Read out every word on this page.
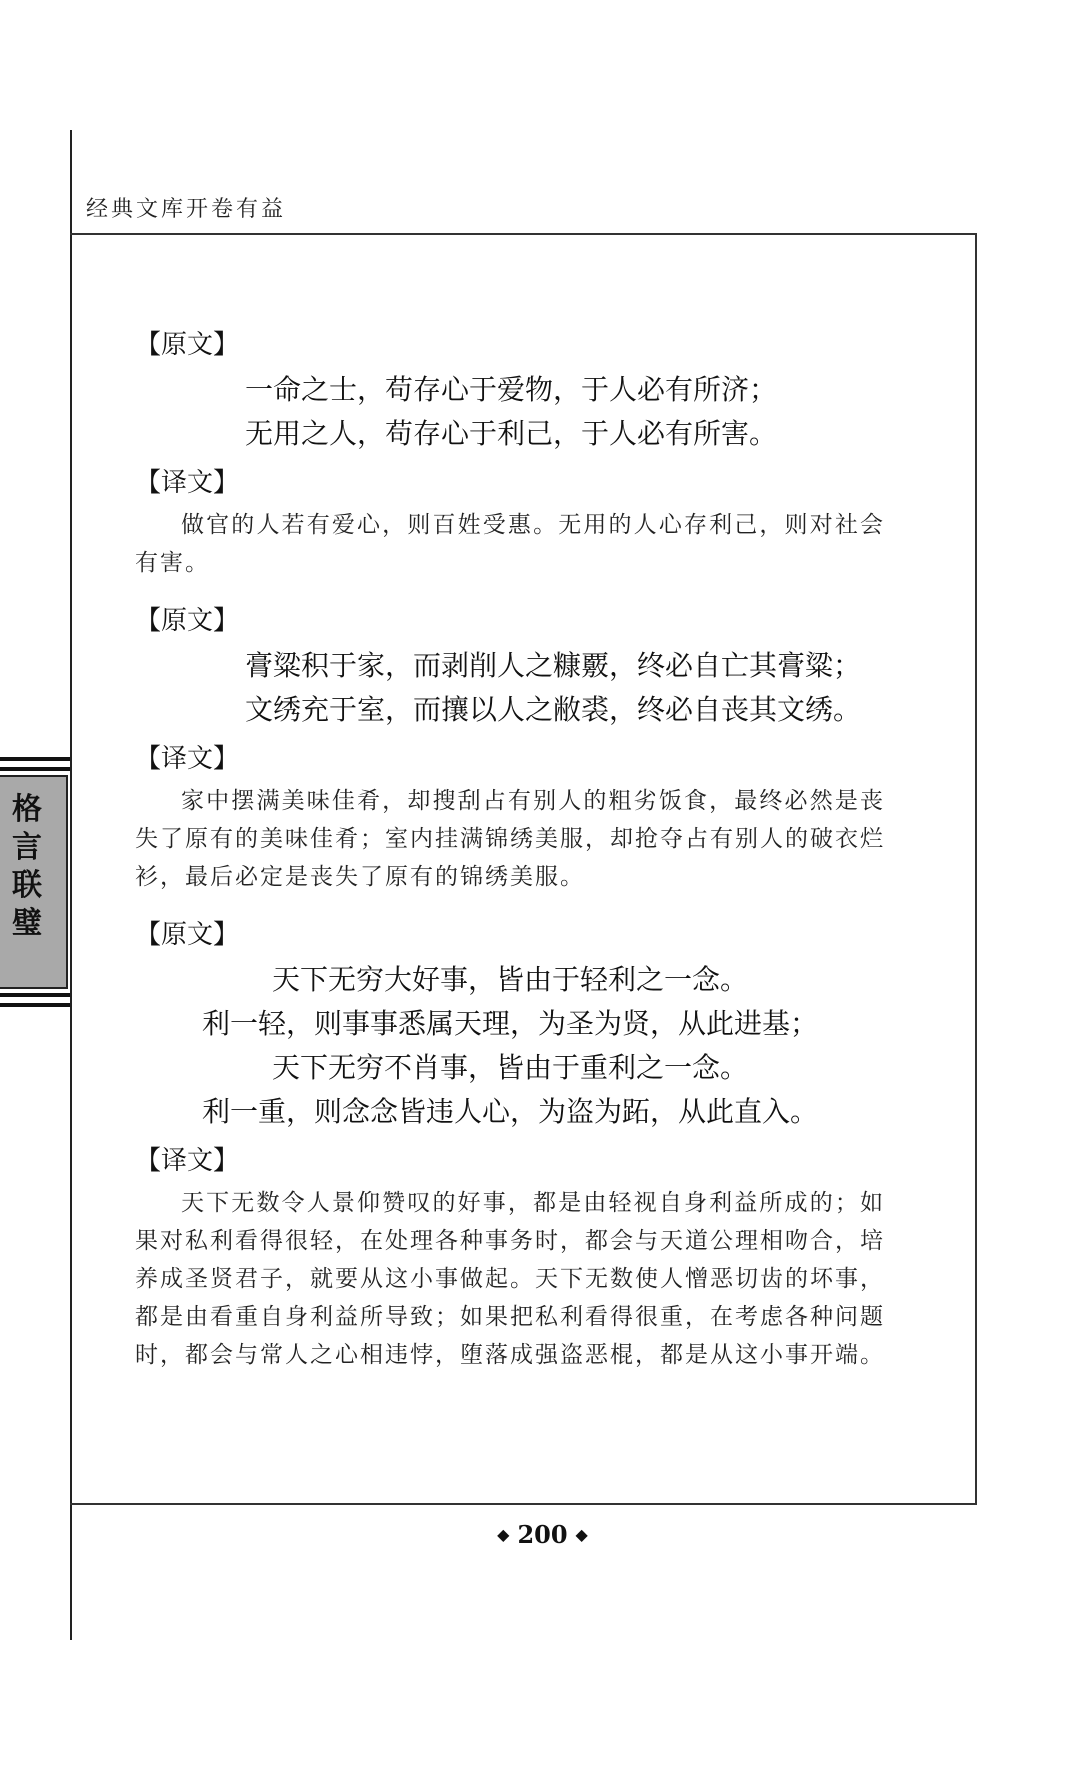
经典文库开卷有益
格
言
联
璧

【原文】

一命之士，苟存心于爱物，于人必有所济；
无用之人，苟存心于利己，于人必有所害。

【译文】

做官的人若有爱心，则百姓受惠。无用的人心存利己，则对社会有害。

【原文】

膏粱积于家，而剥削人之糠覈，终必自亡其膏粱；
文绣充于室，而攘以人之敝裘，终必自丧其文绣。

【译文】

家中摆满美味佳肴，却搜刮占有别人的粗劣饭食，最终必然是丧失了原有的美味佳肴；室内挂满锦绣美服，却抢夺占有别人的破衣烂衫，最后必定是丧失了原有的锦绣美服。

【原文】

天下无穷大好事，皆由于轻利之一念。
利一轻，则事事悉属天理，为圣为贤，从此进基；
天下无穷不肖事，皆由于重利之一念。
利一重，则念念皆违人心，为盗为跖，从此直入。

【译文】

天下无数令人景仰赞叹的好事，都是由轻视自身利益所成的；如果对私利看得很轻，在处理各种事务时，都会与天道公理相吻合，培养成圣贤君子，就要从这小事做起。天下无数使人憎恶切齿的坏事，都是由看重自身利益所导致；如果把私利看得很重，在考虑各种问题时，都会与常人之心相违悖，堕落成强盗恶棍，都是从这小事开端。

◆ 200 ◆
